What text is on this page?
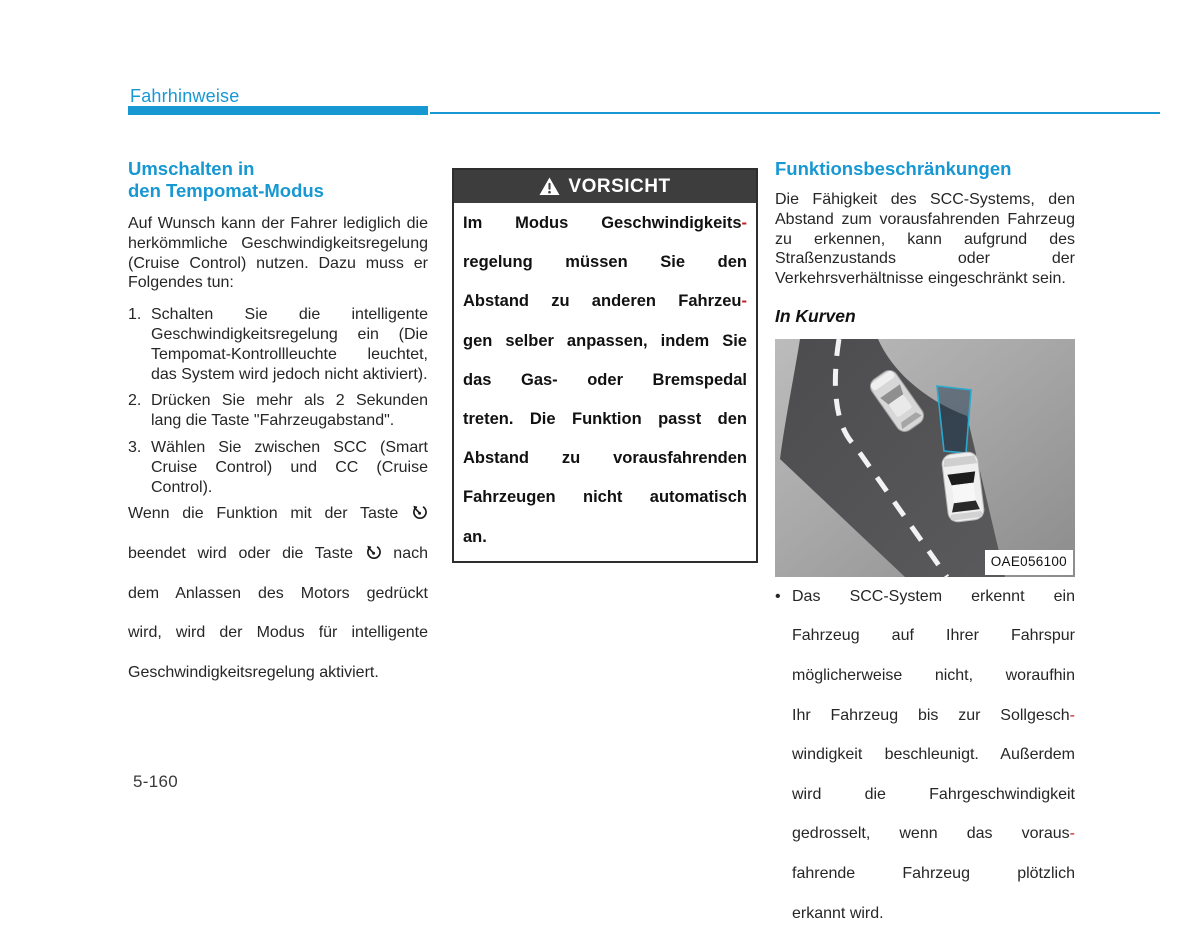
Fahrhinweise
Umschalten in
den Tempomat-Modus

Auf Wunsch kann der Fahrer lediglich die herkömmliche Geschwindigkeitsregelung (Cruise Control) nutzen. Dazu muss er Folgendes tun:

1. Schalten Sie die intelligente Geschwindigkeitsregelung ein (Die Tempomat-Kontrollleuchte leuchtet, das System wird jedoch nicht aktiviert).
2. Drücken Sie mehr als 2 Sekunden lang die Taste "Fahrzeugabstand".
3. Wählen Sie zwischen SCC (Smart Cruise Control) und CC (Cruise Control).
Wenn die Funktion mit der Taste
beendet wird oder die Taste  nach
dem Anlassen des Motors gedrückt
wird, wird der Modus für intelligente
Geschwindigkeitsregelung aktiviert.
VORSICHT
Im Modus Geschwindigkeits-
regelung müssen Sie den
Abstand zu anderen Fahrzeu-
gen selber anpassen, indem Sie
das Gas- oder Bremspedal
treten. Die Funktion passt den
Abstand zu vorausfahrenden
Fahrzeugen nicht automatisch
an.
Funktionsbeschränkungen

Die Fähigkeit des SCC-Systems, den Abstand zum vorausfahrenden Fahrzeug zu erkennen, kann aufgrund des Straßenzustands oder der Verkehrsverhältnisse eingeschränkt sein.

In Kurven
OAE056100
• Das SCC-System erkennt ein
Fahrzeug auf Ihrer Fahrspur
möglicherweise nicht, woraufhin
Ihr Fahrzeug bis zur Sollgesch-
windigkeit beschleunigt. Außerdem
wird die Fahrgeschwindigkeit
gedrosselt, wenn das voraus-
fahrende Fahrzeug plötzlich
erkannt wird.
5-160
